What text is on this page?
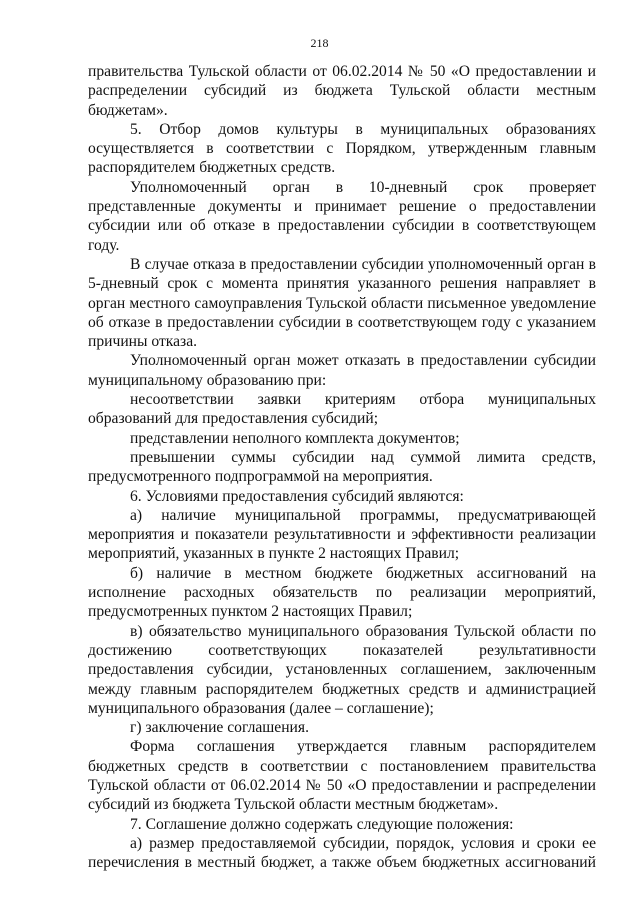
218

правительства Тульской области от 06.02.2014 № 50 «О предоставлении и распределении субсидий из бюджета Тульской области местным бюджетам».

5. Отбор домов культуры в муниципальных образованиях осуществляется в соответствии с Порядком, утвержденным главным распорядителем бюджетных средств.

Уполномоченный орган в 10-дневный срок проверяет представленные документы и принимает решение о предоставлении субсидии или об отказе в предоставлении субсидии в соответствующем году.

В случае отказа в предоставлении субсидии уполномоченный орган в 5-дневный срок с момента принятия указанного решения направляет в орган местного самоуправления Тульской области письменное уведомление об отказе в предоставлении субсидии в соответствующем году с указанием причины отказа.

Уполномоченный орган может отказать в предоставлении субсидии муниципальному образованию при:

несоответствии заявки критериям отбора муниципальных образований для предоставления субсидий;

представлении неполного комплекта документов;

превышении суммы субсидии над суммой лимита средств, предусмотренного подпрограммой на мероприятия.

6. Условиями предоставления субсидий являются:

а) наличие муниципальной программы, предусматривающей мероприятия и показатели результативности и эффективности реализации мероприятий, указанных в пункте 2 настоящих Правил;

б) наличие в местном бюджете бюджетных ассигнований на исполнение расходных обязательств по реализации мероприятий, предусмотренных пунктом 2 настоящих Правил;

в) обязательство муниципального образования Тульской области по достижению соответствующих показателей результативности предоставления субсидии, установленных соглашением, заключенным между главным распорядителем бюджетных средств и администрацией муниципального образования (далее – соглашение);

г) заключение соглашения.

Форма соглашения утверждается главным распорядителем бюджетных средств в соответствии с постановлением правительства Тульской области от 06.02.2014 № 50 «О предоставлении и распределении субсидий из бюджета Тульской области местным бюджетам».

7. Соглашение должно содержать следующие положения:

а) размер предоставляемой субсидии, порядок, условия и сроки ее перечисления в местный бюджет, а также объем бюджетных ассигнований
